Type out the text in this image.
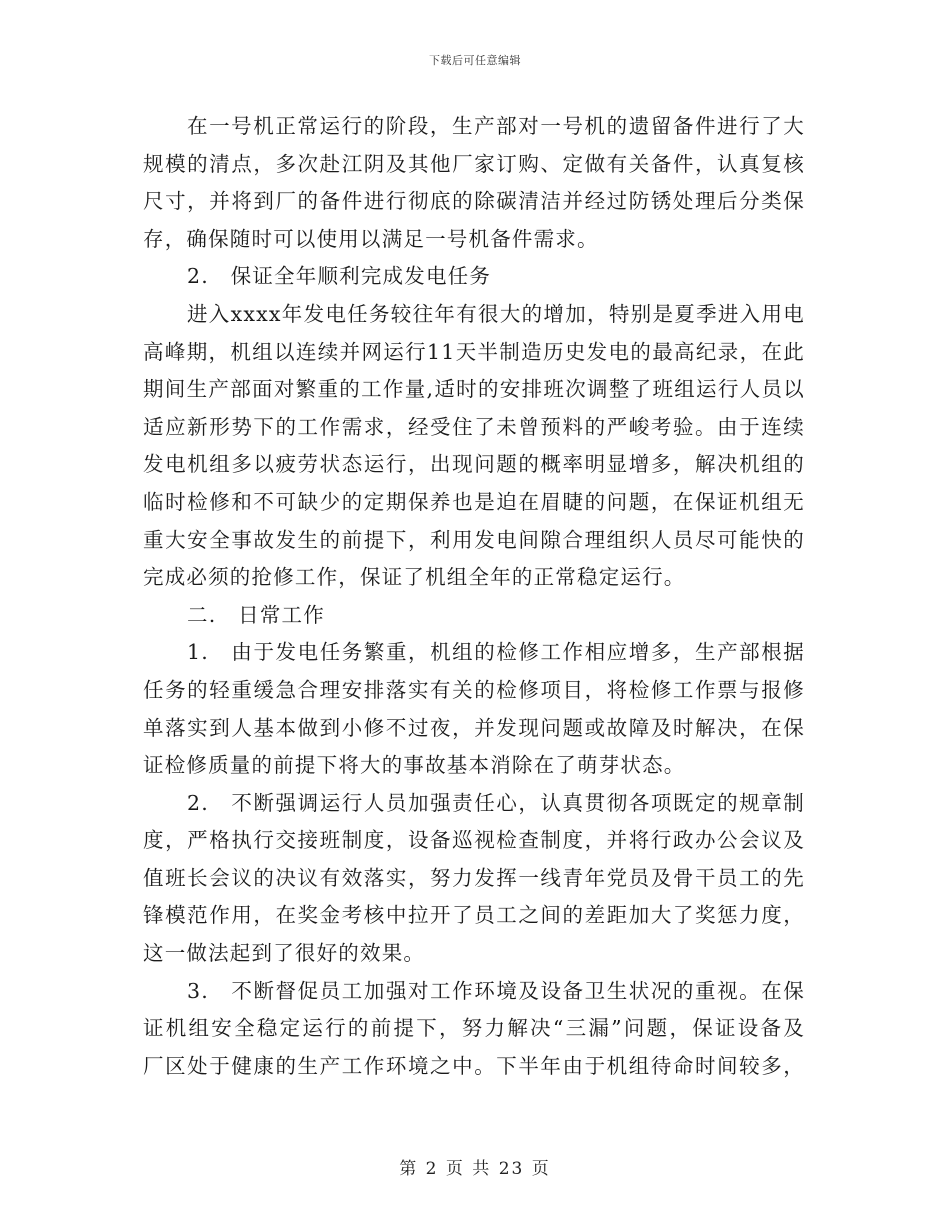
下载后可任意编辑
在一号机正常运行的阶段，生产部对一号机的遗留备件进行了大
规模的清点，多次赴江阴及其他厂家订购、定做有关备件，认真复核
尺寸，并将到厂的备件进行彻底的除碳清洁并经过防锈处理后分类保
存，确保随时可以使用以满足一号机备件需求。
2.　保证全年顺利完成发电任务
进入xxxx年发电任务较往年有很大的增加，特别是夏季进入用电
高峰期，机组以连续并网运行11天半制造历史发电的最高纪录，在此
期间生产部面对繁重的工作量,适时的安排班次调整了班组运行人员以
适应新形势下的工作需求，经受住了未曾预料的严峻考验。由于连续
发电机组多以疲劳状态运行，出现问题的概率明显增多，解决机组的
临时检修和不可缺少的定期保养也是迫在眉睫的问题，在保证机组无
重大安全事故发生的前提下，利用发电间隙合理组织人员尽可能快的
完成必须的抢修工作，保证了机组全年的正常稳定运行。
二.　日常工作
1.　由于发电任务繁重，机组的检修工作相应增多，生产部根据
任务的轻重缓急合理安排落实有关的检修项目，将检修工作票与报修
单落实到人基本做到小修不过夜，并发现问题或故障及时解决，在保
证检修质量的前提下将大的事故基本消除在了萌芽状态。
2.　不断强调运行人员加强责任心，认真贯彻各项既定的规章制
度，严格执行交接班制度，设备巡视检查制度，并将行政办公会议及
值班长会议的决议有效落实，努力发挥一线青年党员及骨干员工的先
锋模范作用，在奖金考核中拉开了员工之间的差距加大了奖惩力度，
这一做法起到了很好的效果。
3.　不断督促员工加强对工作环境及设备卫生状况的重视。在保
证机组安全稳定运行的前提下，努力解决“三漏”问题，保证设备及
厂区处于健康的生产工作环境之中。下半年由于机组待命时间较多，
第 2 页 共 23 页
